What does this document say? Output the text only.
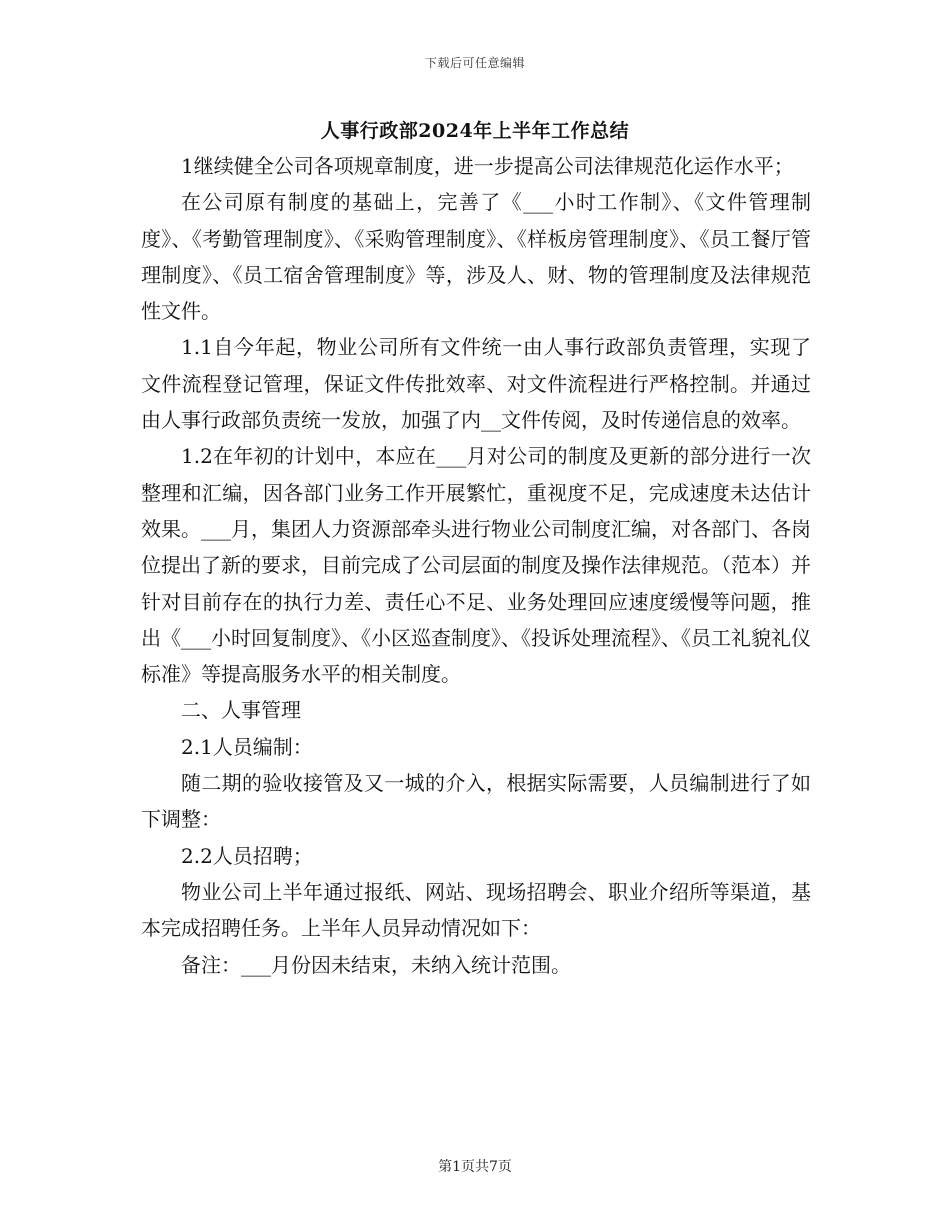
下载后可任意编辑
人事行政部2024年上半年工作总结

1继续健全公司各项规章制度，进一步提高公司法律规范化运作水平；

在公司原有制度的基础上，完善了《___小时工作制》、《文件管理制度》、《考勤管理制度》、《采购管理制度》、《样板房管理制度》、《员工餐厅管理制度》、《员工宿舍管理制度》等，涉及人、财、物的管理制度及法律规范性文件。

1.1自今年起，物业公司所有文件统一由人事行政部负责管理，实现了文件流程登记管理，保证文件传批效率、对文件流程进行严格控制。并通过由人事行政部负责统一发放，加强了内__文件传阅，及时传递信息的效率。

1.2在年初的计划中，本应在___月对公司的制度及更新的部分进行一次整理和汇编，因各部门业务工作开展繁忙，重视度不足，完成速度未达估计效果。___月，集团人力资源部牵头进行物业公司制度汇编，对各部门、各岗位提出了新的要求，目前完成了公司层面的制度及操作法律规范。（范本）并针对目前存在的执行力差、责任心不足、业务处理回应速度缓慢等问题，推出《___小时回复制度》、《小区巡查制度》、《投诉处理流程》、《员工礼貌礼仪标准》等提高服务水平的相关制度。

二、人事管理

2.1人员编制：

随二期的验收接管及又一城的介入，根据实际需要，人员编制进行了如下调整：

2.2人员招聘；

物业公司上半年通过报纸、网站、现场招聘会、职业介绍所等渠道，基本完成招聘任务。上半年人员异动情况如下：

备注：___月份因未结束，未纳入统计范围。

第1页共7页
